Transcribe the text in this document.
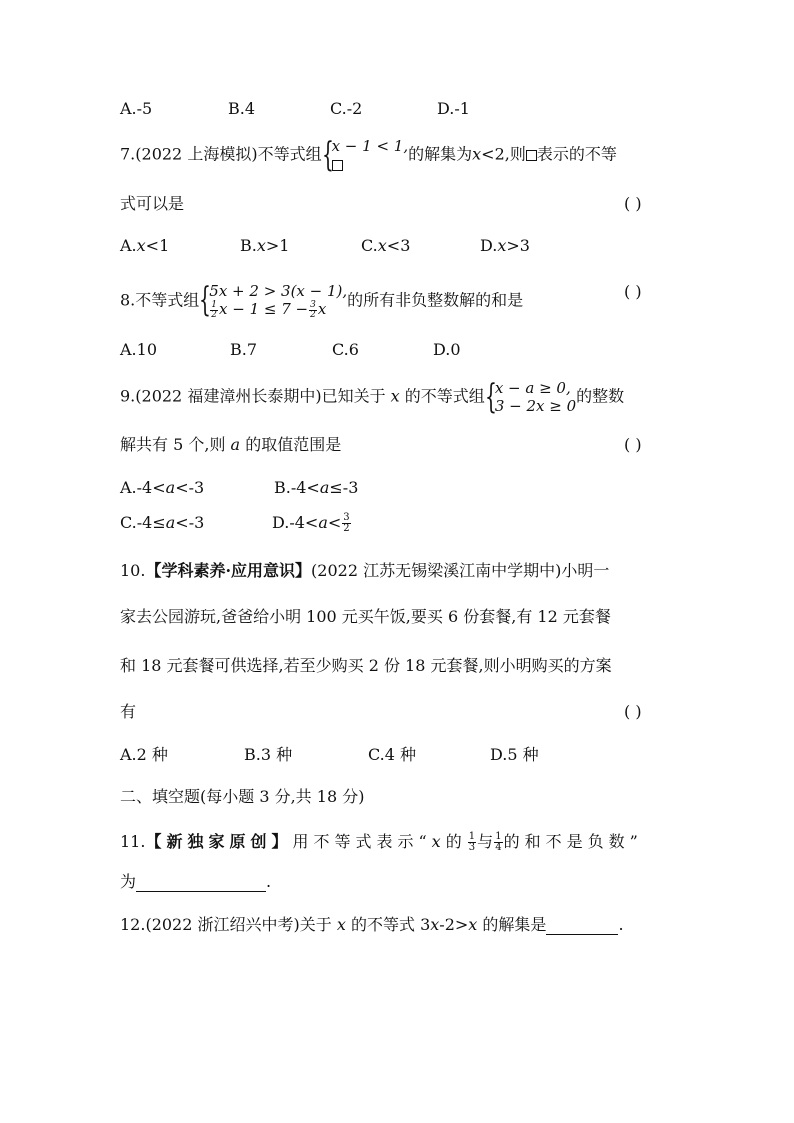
A.-5	B.4	C.-2	D.-1
7.(2022 上海模拟)不等式组 {
x − 1 < 1, 的解集为x<2,则 表示的不等
式可以是	( )
A.x<1	B.x>1	C.x<3	D.x>3
8.不等式组 {
5x + 2 > 3(x − 1),
$\frac{1}{2}$ $x - 1 \le 7 - \frac{3}{2}$ x	的所有非负整数解的和是	( )
A.10	B.7	C.6	D.0
9.(2022 福建漳州长泰期中)已知关于 x 的不等式组 {
x − a ≥ 0,
3 − 2x ≥ 0
的整数
解共有 5 个,则 a 的取值范围是	( )
A.-4<a<-3	B.-4<a≤-3
C.-4≤a<-3	$D.-4<a< \frac{3}{2}$
10.【学科素养·应用意识】(2022 江苏无锡梁溪江南中学期中)小明一
家去公园游玩,爸爸给小明 100 元买午饭,要买 6 份套餐,有 12 元套餐
和 18 元套餐可供选择,若至少购买 2 份 18 元套餐,则小明购买的方案
有	( )
A.2 种	B.3 种	C.4 种	D.5 种
二、填空题(每小题 3 分,共 18 分)
11.【新独家原创】用不等式表示“x 的 $\frac{1}{3}$ 与 $\frac{1}{4}$ 的和不是负数”
为	.
12.(2022 浙江绍兴中考)关于 x 的不等式 3x-2>x 的解集是	.
